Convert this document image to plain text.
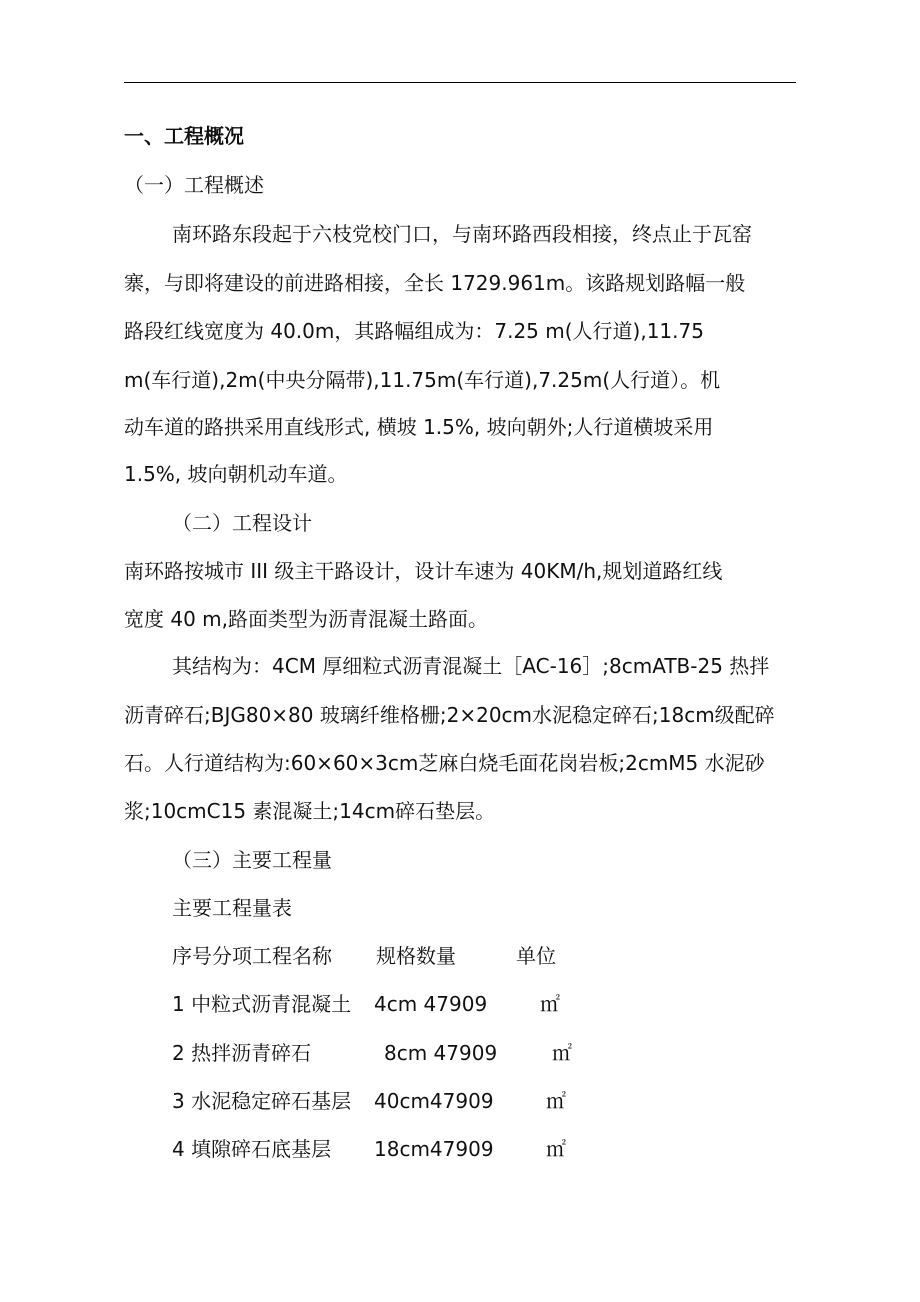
一、工程概况
（一）工程概述
南环路东段起于六枝党校门口，与南环路西段相接，终点止于瓦窑
寨，与即将建设的前进路相接，全长 1729.961m。该路规划路幅一般
路段红线宽度为 40.0m，其路幅组成为：7.25 m(人行道),11.75
m(车行道),2m(中央分隔带),11.75m(车行道),7.25m(人行道）。机
动车道的路拱采用直线形式, 横坡 1.5%, 坡向朝外;人行道横坡采用
1.5%, 坡向朝机动车道。
（二）工程设计
南环路按城市 III 级主干路设计，设计车速为 40KM/h,规划道路红线
宽度 40 m,路面类型为沥青混凝土路面。
其结构为：4CM 厚细粒式沥青混凝土［AC-16］;8cmATB-25 热拌
沥青碎石;BJG80×80 玻璃纤维格栅;2×20cm水泥稳定碎石;18cm级配碎
石。人行道结构为:60×60×3cm芝麻白烧毛面花岗岩板;2cmM5 水泥砂
浆;10cmC15 素混凝土;14cm碎石垫层。
（三）主要工程量
主要工程量表
序号分项工程名称 规格数量	单位
1 中粒式沥青混凝土 4cm 47909	㎡
2 热拌沥青碎石	8cm 47909	㎡
3 水泥稳定碎石基层 40cm47909	㎡
4 填隙碎石底基层 18cm47909	㎡
